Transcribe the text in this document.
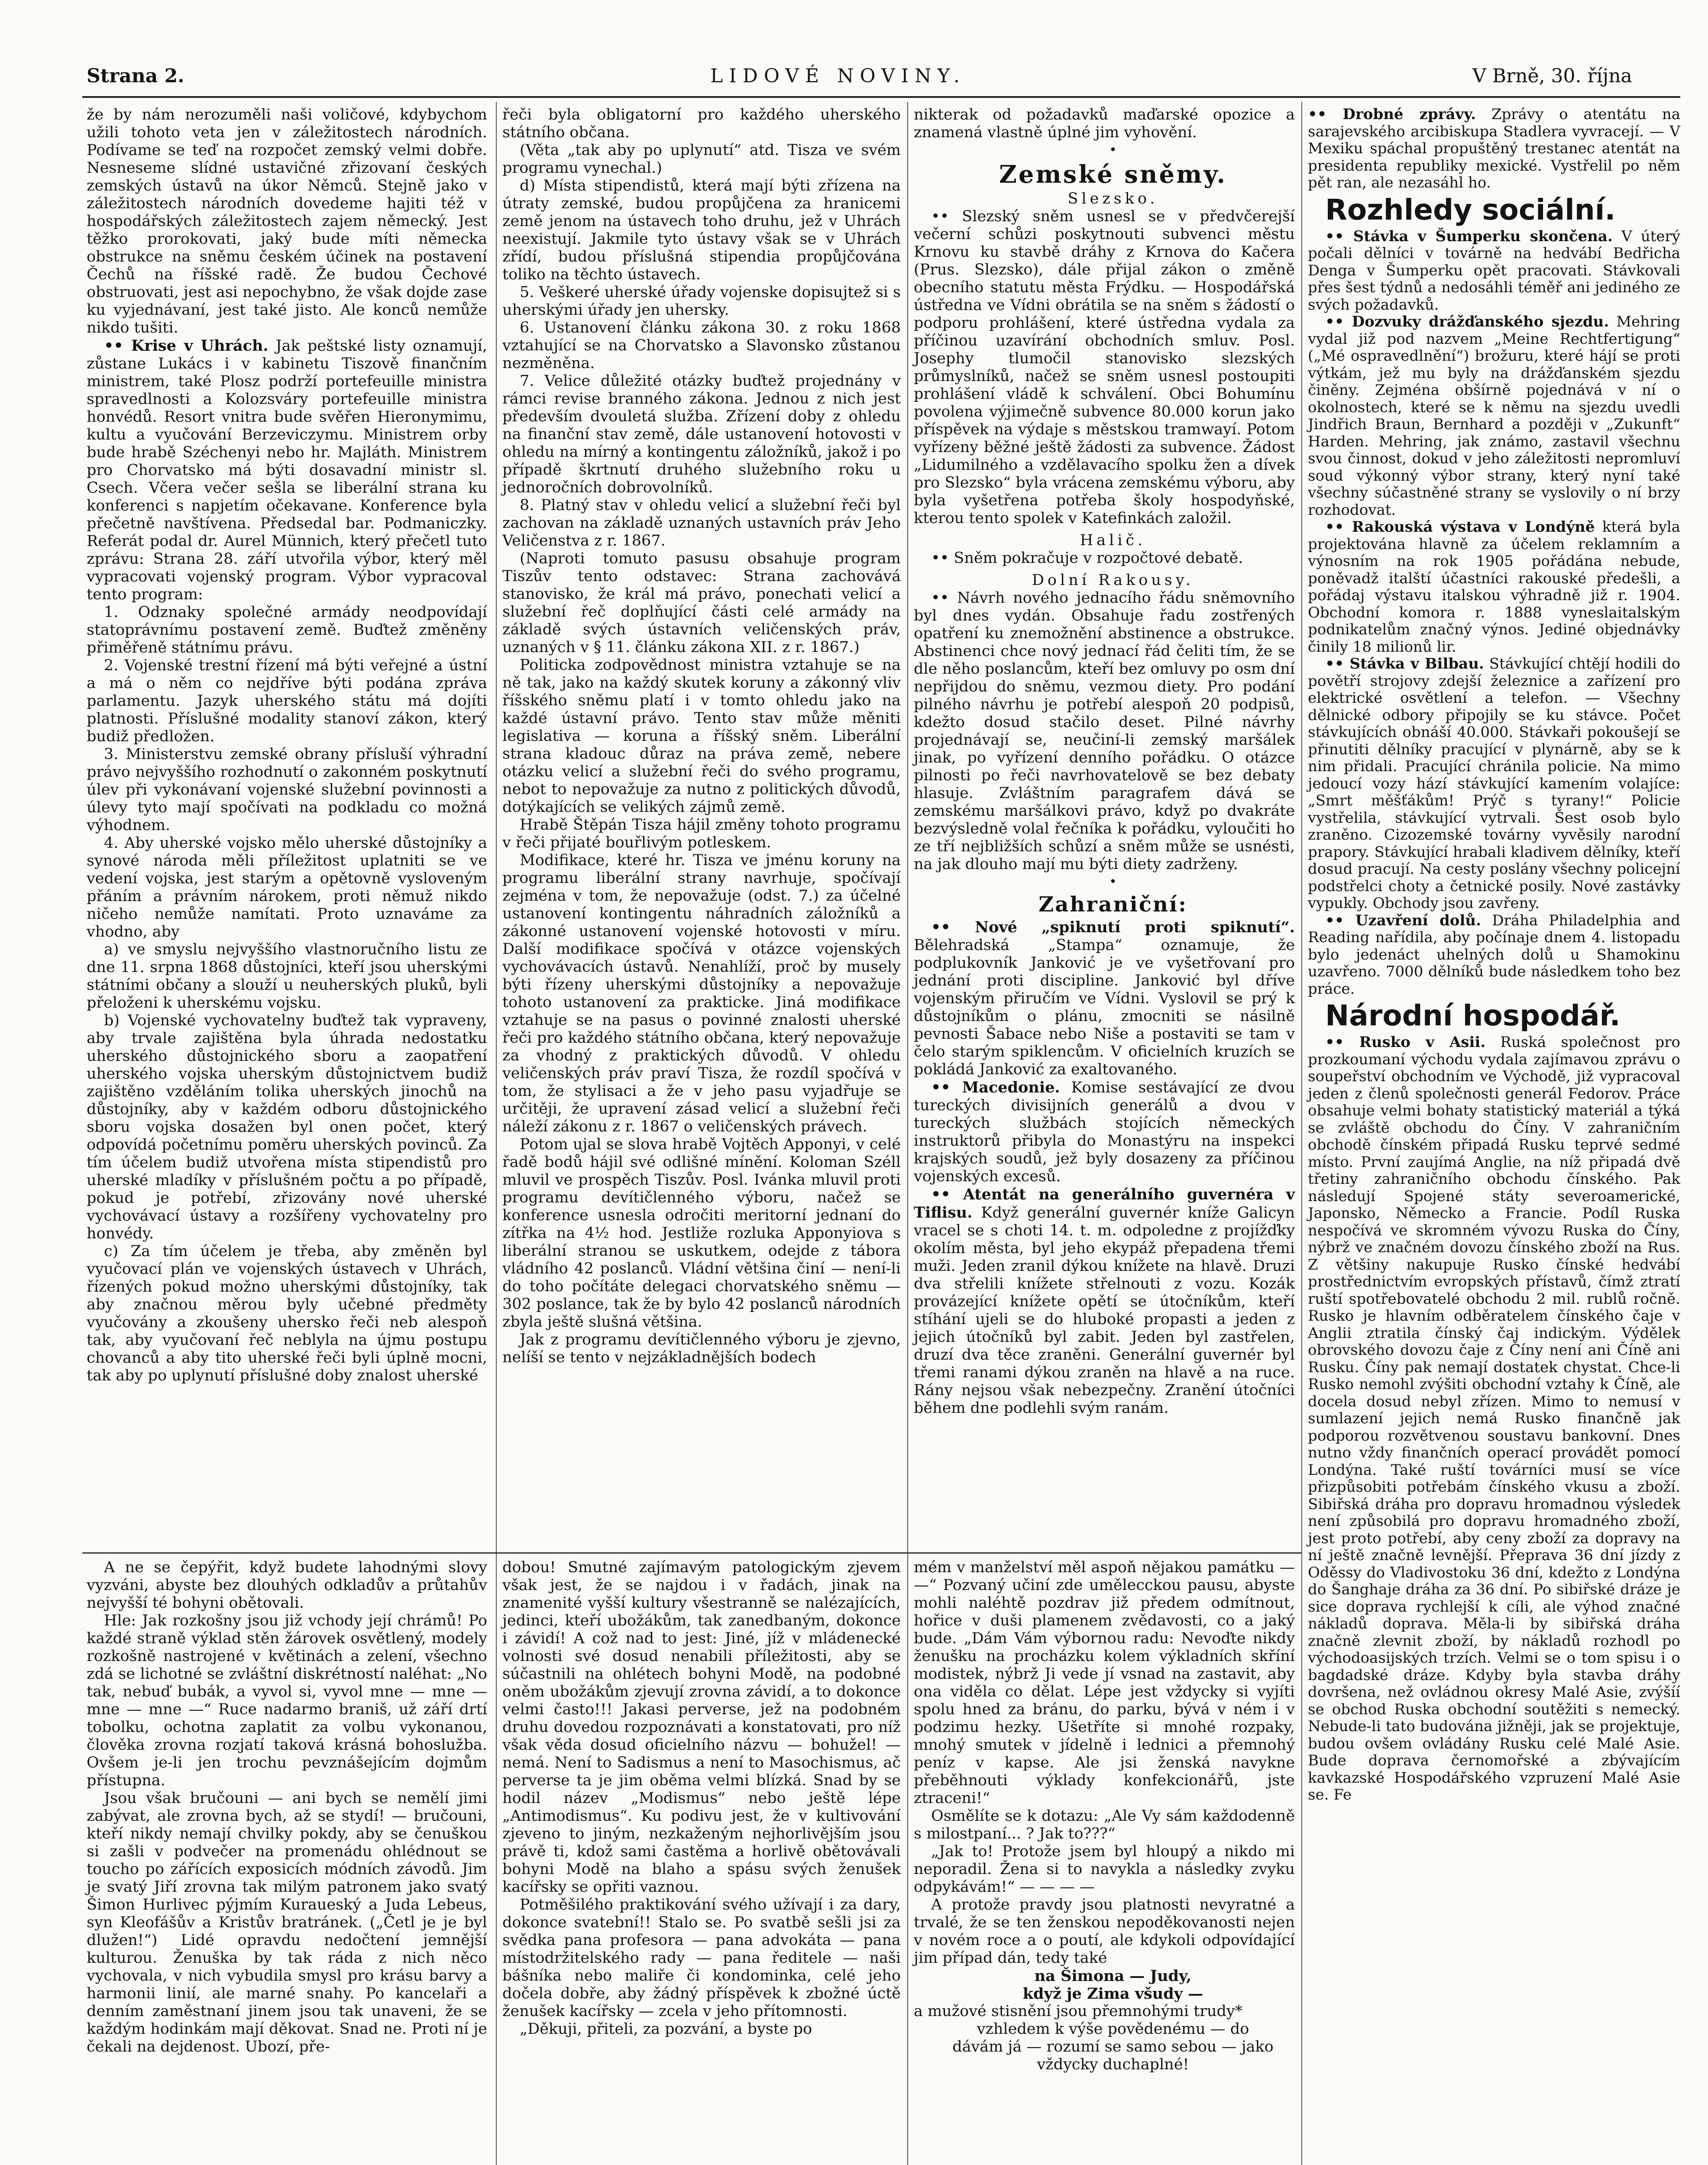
Strana 2.	LIDOVÉ NOVINY.	V Brně, 30. října

že by nám nerozuměli naši voličové, kdybychom užili tohoto veta jen v záležitostech národních. Podívame se teď na rozpočet zemský velmi dobře. Nesneseme slídné ustavičné zřizovaní českých zemských ústavů na úkor Němců. Stejně jako v záležitostech národních dovedeme hajiti též v hospodářských záležitostech zajem německý. Jest těžko prorokovati, jaký bude míti německa obstrukce na sněmu českém účinek na postavení Čechů na říšské radě. Že budou Čechové obstruovati, jest asi nepochybno, že však dojde zase ku vyjednávaní, jest také jisto. Ale konců nemůže nikdo tušiti.

•• Krise v Uhrách. Jak peštské listy oznamují, zůstane Lukács i v kabinetu Tiszově finančním ministrem, také Plosz podrží portefeuille ministra spravedlnosti a Kolozsváry portefeuille ministra honvédů. Resort vnitra bude svěřen Hieronymimu, kultu a vyučování Berzeviczymu. Ministrem orby bude hrabě Széchenyi nebo hr. Majláth. Ministrem pro Chorvatsko má býti dosavadní ministr sl. Csech. Včera večer sešla se liberální strana ku konferenci s napjetím očekavane. Konference byla přečetně navštívena. Předsedal bar. Podmaniczky. Referát podal dr. Aurel Münnich, který přečetl tuto zprávu: Strana 28. září utvořila výbor, který měl vypracovati vojenský program. Výbor vypracoval tento program:

1. Odznaky společné armády neodpovídají statoprávnímu postavení země. Buďtež změněny přiměřeně státnímu právu.

2. Vojenské trestní řízení má býti veřejné a ústní a má o něm co nejdříve býti podána zpráva parlamentu. Jazyk uherského státu má dojíti platnosti. Příslušné modality stanoví zákon, který budiž předložen.

3. Ministerstvu zemské obrany přísluší výhradní právo nejvyššího rozhodnutí o zakonném poskytnutí úlev při vykonávaní vojenské služební povinnosti a úlevy tyto mají spočívati na podkladu co možná výhodnem.

4. Aby uherské vojsko mělo uherské důstojníky a synové národa měli příležitost uplatniti se ve vedení vojska, jest starým a opětovně vysloveným přáním a právním nárokem, proti němuž nikdo ničeho nemůže namítati. Proto uznaváme za vhodno, aby

a) ve smyslu nejvyššího vlastnoručního listu ze dne 11. srpna 1868 důstojníci, kteří jsou uherskými státními občany a slouží u neuherských pluků, byli přeloženi k uherskému vojsku.

b) Vojenské vychovatelny buďtež tak vypraveny, aby trvale zajištěna byla úhrada nedostatku uherského důstojnického sboru a zaopatření uherského vojska uherským důstojnictvem budiž zajištěno vzděláním tolika uherských jinochů na důstojníky, aby v každém odboru důstojnického sboru vojska dosažen byl onen počet, který odpovídá početnímu poměru uherských povinců. Za tím účelem budiž utvořena místa stipendistů pro uherské mladíky v příslušném počtu a po případě, pokud je potřebí, zřizovány nové uherské vychovávací ústavy a rozšířeny vychovatelny pro honvédy.

c) Za tím účelem je třeba, aby změněn byl vyučovací plán ve vojenských ústavech v Uhrách, řízených pokud možno uherskými důstojníky, tak aby značnou měrou byly učebné předměty vyučovány a zkoušeny uhersko řeči neb alespoň tak, aby vyučovaní řeč neblyla na újmu postupu chovanců a aby tito uherské řeči byli úplně mocni, tak aby po uplynutí příslušné doby znalost uherské

řeči byla obligatorní pro každého uherského státního občana.

(Věta „tak aby po uplynutí“ atd. Tisza ve svém programu vynechal.)

d) Místa stipendistů, která mají býti zřízena na útraty zemské, budou propůjčena za hranicemi země jenom na ústavech toho druhu, jež v Uhrách neexistují. Jakmile tyto ústavy však se v Uhrách zřídí, budou příslušná stipendia propůjčována toliko na těchto ústavech.

5. Veškeré uherské úřady vojenske dopisujtež si s uherskými úřady jen uhersky.

6. Ustanovení článku zákona 30. z roku 1868 vztahující se na Chorvatsko a Slavonsko zůstanou nezměněna.

7. Velice důležité otázky buďtež projednány v rámci revise branného zákona. Jednou z nich jest především dvouletá služba. Zřízení doby z ohledu na finanční stav země, dále ustanovení hotovosti v ohledu na mírný a kontingentu záložníků, jakož i po případě škrtnutí druhého služebního roku u jednoročních dobrovolníků.

8. Platný stav v ohledu velicí a služební řeči byl zachovan na základě uznaných ustavních práv Jeho Veličenstva z r. 1867.

(Naproti tomuto pasusu obsahuje program Tiszův tento odstavec: Strana zachovává stanovisko, že král má právo, ponechati velicí a služební řeč doplňující části celé armády na základě svých ústavních veličenských práv, uznaných v § 11. článku zákona XII. z r. 1867.)

Politicka zodpovědnost ministra vztahuje se na ně tak, jako na každý skutek koruny a zákonný vliv říšského sněmu platí i v tomto ohledu jako na každé ústavní právo. Tento stav může měniti legislativa — koruna a říšský sněm. Liberální strana kladouc důraz na práva země, nebere otázku velicí a služební řeči do svého programu, nebot to nepovažuje za nutno z politických důvodů, dotýkajících se velikých zájmů země.

Hrabě Štěpán Tisza hájil změny tohoto programu v řeči přijaté bouřlivým potleskem.

Modifikace, které hr. Tisza ve jménu koruny na programu liberální strany navrhuje, spočívají zejména v tom, že nepovažuje (odst. 7.) za účelné ustanovení kontingentu náhradních záložníků a zákonné ustanovení vojenské hotovosti v míru. Další modifikace spočívá v otázce vojenských vychovávacích ústavů. Nenahlíží, proč by musely býti řízeny uherskými důstojníky a nepovažuje tohoto ustanovení za prakticke. Jiná modifikace vztahuje se na pasus o povinné znalosti uherské řeči pro každého státního občana, který nepovažuje za vhodný z praktických důvodů. V ohledu veličenských práv praví Tisza, že rozdíl spočívá v tom, že stylisaci a že v jeho pasu vyjadřuje se určitěji, že upravení zásad velicí a služební řeči náleží zákonu z r. 1867 o veličenských právech.

Potom ujal se slova hrabě Vojtěch Apponyi, v celé řadě bodů hájil své odlišné mínění. Koloman Széll mluvil ve prospěch Tiszův. Posl. Ivánka mluvil proti programu devítičlenného výboru, načež se konference usnesla odročiti meritorní jednaní do zítřka na 4½ hod. Jestliže rozluka Apponyiova s liberální stranou se uskutkem, odejde z tábora vládního 42 poslanců. Vládní většina činí — není-li do toho počítáte delegaci chorvatského sněmu — 302 poslance, tak že by bylo 42 poslanců národních zbyla ještě slušná většina.

Jak z programu devítičlenného výboru je zjevno, nelíší se tento v nejzákladnějších bodech

nikterak od požadavků maďarské opozice a znamená vlastně úplné jim vyhovění.

•

Zemské sněmy.

Slezsko.

•• Slezský sněm usnesl se v předvčerejší večerní schůzi poskytnouti subvenci městu Krnovu ku stavbě dráhy z Krnova do Kačera (Prus. Slezsko), dále přijal zákon o změně obecního statutu města Frýdku. — Hospodářská ústředna ve Vídni obrátila se na sněm s žádostí o podporu prohlášení, které ústředna vydala za příčinou uzavírání obchodních smluv. Posl. Josephy tlumočil stanovisko slezských průmyslníků, načež se sněm usnesl postoupiti prohlášení vládě k schválení. Obci Bohumínu povolena výjimečně subvence 80.000 korun jako příspěvek na výdaje s městskou tramwayí. Potom vyřízeny běžné ještě žádosti za subvence. Žádost „Lidumilného a vzdělavacího spolku žen a dívek pro Slezsko“ byla vrácena zemskému výboru, aby byla vyšetřena potřeba školy hospodyňské, kterou tento spolek v Katefinkách založil.

Halič.

•• Sněm pokračuje v rozpočtové debatě.

Dolní Rakousy.

•• Návrh nového jednacího řádu sněmovního byl dnes vydán. Obsahuje řadu zostřených opatření ku znemožnění abstinence a obstrukce. Abstinenci chce nový jednací řád čeliti tím, že se dle něho poslancům, kteří bez omluvy po osm dní nepřijdou do sněmu, vezmou diety. Pro podání pilného návrhu je potřebí alespoň 20 podpisů, kdežto dosud stačilo deset. Pilné návrhy projednávají se, neučiní-li zemský maršálek jinak, po vyřízení denního pořádku. O otázce pilnosti po řeči navrhovatelově se bez debaty hlasuje. Zvláštním paragrafem dává se zemskému maršálkovi právo, když po dvakráte bezvýsledně volal řečníka k pořádku, vyloučiti ho ze tří nejbližších schůzí a sněm může se usnésti, na jak dlouho mají mu býti diety zadrženy.

•

Zahraniční:

•• Nové „spiknutí proti spiknutí“. Bělehradská „Stampa“ oznamuje, že podplukovník Janković je ve vyšetřovaní pro jednání proti discipline. Janković byl dříve vojenským přiručím ve Vídni. Vyslovil se prý k důstojníkům o plánu, zmocniti se násilně pevnosti Šabace nebo Niše a postaviti se tam v čelo starým spiklencům. V oficielních kruzích se pokládá Janković za exaltovaného.

•• Macedonie. Komise sestávající ze dvou tureckých divisijních generálů a dvou v tureckých službách stojících německých instruktorů přibyla do Monastýru na inspekci krajských soudů, jež byly dosazeny za příčinou vojenských excesů.

•• Atentát na generálního guvernéra v Tiflisu. Když generální guvernér kníže Galicyn vracel se s choti 14. t. m. odpoledne z projížďky okolím města, byl jeho ekypáž přepadena třemi muži. Jeden zranil dýkou knížete na hlavě. Druzi dva střelili knížete střelnouti z vozu. Kozák provázející knížete opětí se útočníkům, kteří stíhání ujeli se do hluboké propasti a jeden z jejich útočníků byl zabit. Jeden byl zastřelen, druzí dva těce zraněni. Generální guvernér byl třemi ranami dýkou zraněn na hlavě a na ruce. Rány nejsou však nebezpečny. Zranění útočníci během dne podlehli svým ranám.

•• Drobné zprávy. Zprávy o atentátu na sarajevského arcibiskupa Stadlera vyvracejí. — V Mexiku spáchal propuštěný trestanec atentát na presidenta republiky mexické. Vystřelil po něm pět ran, ale nezasáhl ho.

Rozhledy sociální.

•• Stávka v Šumperku skončena. V úterý počali dělníci v továrně na hedvábí Bedřicha Denga v Šumperku opět pracovati. Stávkovali přes šest týdnů a nedosáhli téměř ani jediného ze svých požadavků.

•• Dozvuky drážďanského sjezdu. Mehring vydal již pod nazvem „Meine Rechtfertigung“ („Mé ospravedlnění“) brožuru, které hájí se proti výtkám, jež mu byly na drážďanském sjezdu činěny. Zejména obšírně pojednává v ní o okolnostech, které se k němu na sjezdu uvedli Jindřich Braun, Bernhard a později v „Zukunft“ Harden. Mehring, jak známo, zastavil všechnu svou činnost, dokud v jeho záležitosti nepromluví soud výkonný výbor strany, který nyní také všechny súčastněné strany se vyslovily o ní brzy rozhodovat.

•• Rakouská výstava v Londýně která byla projektována hlavně za účelem reklamním a výnosním na rok 1905 pořádána nebude, poněvadž italští účastníci rakouské předešli, a pořádaj výstavu italskou výhradně již r. 1904. Obchodní komora r. 1888 vyneslaitalským podnikatelům značný výnos. Jediné objednávky činily 18 milionů lir.

•• Stávka v Bilbau. Stávkující chtějí hodili do povětří strojovy zdejší železnice a zařízení pro elektrické osvětlení a telefon. — Všechny dělnické odbory připojily se ku stávce. Počet stávkujících obnáší 40.000. Stávkaři pokoušejí se přinutiti dělníky pracující v plynárně, aby se k nim přidali. Pracující chránila policie. Na mimo jedoucí vozy hází stávkující kamením volajíce: „Smrt měšťákům! Prýč s tyrany!“ Policie vystřelila, stávkující vytrvali. Šest osob bylo zraněno. Cizozemské továrny vyvěsily narodní prapory. Stávkující hrabali kladivem dělníky, kteří dosud pracují. Na cesty poslány všechny policejní podstřelci choty a četnické posily. Nové zastávky vypukly. Obchody jsou zavřeny.

•• Uzavření dolů. Dráha Philadelphia and Reading nařídila, aby počínaje dnem 4. listopadu bylo jedenáct uhelných dolů u Shamokinu uzavřeno. 7000 dělníků bude následkem toho bez práce.

Národní hospodář.

•• Rusko v Asii. Ruská společnost pro prozkoumaní východu vydala zajímavou zprávu o soupeřství obchodním ve Východě, již vypracoval jeden z členů společnosti generál Fedorov. Práce obsahuje velmi bohaty statistický materiál a týká se zvláště obchodu do Číny. V zahraničním obchodě čínském připadá Rusku teprvé sedmé místo. První zaujímá Anglie, na níž připadá dvě třetiny zahraničního obchodu čínského. Pak následují Spojené státy severoamerické, Japonsko, Německo a Francie. Podíl Ruska nespočívá ve skromném vývozu Ruska do Číny, nýbrž ve značném dovozu čínského zboží na Rus. Z většiny nakupuje Rusko čínské hedvábí prostřednictvím evropských přístavů, čímž ztratí ruští spotřebovatelé obchodu 2 mil. rublů ročně. Rusko je hlavním odběratelem čínského čaje v Anglii ztratila čínský čaj indickým. Výdělek obrovského dovozu čaje z Číny není ani Číně ani Rusku. Číny pak nemají dostatek chystat. Chce-li Rusko nemohl zvýšiti obchodní vztahy k Číně, ale docela dosud nebyl zřízen. Mimo to nemusí v sumlazení jejich nemá Rusko finančně jak podporou rozvětvenou soustavu bankovní. Dnes nutno vždy finančních operací provádět pomocí Londýna. Také ruští továrníci musí se více přizpůsobiti potřebám čínského vkusu a zboží. Sibiřská dráha pro dopravu hromadnou výsledek není způsobilá pro dopravu hromadného zboží, jest proto potřebí, aby ceny zboží za dopravy na ní ještě značně levnější. Přeprava 36 dní jízdy z Oděssy do Vladivostoku 36 dní, kdežto z Londýna do Šanghaje dráha za 36 dní. Po sibiřské dráze je sice doprava rychlejší k cíli, ale výhod značné nákladů doprava. Měla-li by sibiřská dráha značně zlevnit zboží, by nákladů rozhodl po východoasijských trzích. Velmi se o tom spisu i o bagdadské dráze. Kdyby byla stavba dráhy dovršena, než ovládnou okresy Malé Asie, zvýšíí se obchod Ruska obchodní soutěžiti s nemecký. Nebude-li tato budována jižněji, jak se projektuje, budou ovšem ovládány Rusku celé Malé Asie. Bude doprava černomořské a zbývajícím kavkazské Hospodářského vzpruzení Malé Asie se. Fe

A ne se čepýřit, když budete lahodnými slovy vyzváni, abyste bez dlouhých odkladův a průtahův nejvyšší té bohyni obětovali.

Hle: Jak rozkošny jsou již vchody její chrámů! Po každé straně výklad stěn žárovek osvětlený, modely rozkošně nastrojené v květinách a zelení, všechno zdá se lichotné se zvláštní diskrétností naléhat: „No tak, nebuď bubák, a vyvol si, vyvol mne — mne — mne — mne —“ Ruce nadarmo braniš, už září drtí tobolku, ochotna zaplatit za volbu vykonanou, člověka zrovna rozjatí taková krásná bohoslužba. Ovšem je-li jen trochu pevznášejícím dojmům přístupna.

Jsou však bručouni — ani bych se nemělí jimi zabývat, ale zrovna bych, až se stydí! — bručouni, kteří nikdy nemají chvilky pokdy, aby se čenuškou si zašli v podvečer na promenádu ohlédnout se toucho po zářících exposicích módních závodů. Jim je svatý Jiří zrovna tak milým patronem jako svatý Šimon Hurlivec pýjmím Kuraueský a Juda Lebeus, syn Kleofášův a Kristův bratránek. („Četl je je byl dlužen!“) Lidé opravdu nedočtení jemnější kulturou. Ženuška by tak ráda z nich něco vychovala, v nich vybudila smysl pro krásu barvy a harmonii linií, ale marné snahy. Po kancelaři a denním zaměstnaní jinem jsou tak unaveni, že se každým hodinkám mají děkovat. Snad ne. Proti ní je čekali na dejdenost. Ubozí, pře-

dobou! Smutné zajímavým patologickým zjevem však jest, že se najdou i v řadách, jinak na znamenité vyšší kultury všestranně se nalézajících, jedinci, kteří ubožákům, tak zanedbaným, dokonce i závidí! A což nad to jest: Jiné, jíž v mládenecké volnosti své dosud nenabili příležitosti, aby se súčastnili na ohlétech bohyni Modě, na podobné oněm ubožákům zjevují zrovna závidí, a to dokonce velmi často!!! Jakasi perverse, jež na podobném druhu dovedou rozpoznávati a konstatovati, pro níž však věda dosud oficielního názvu — bohužel! — nemá. Není to Sadismus a není to Masochismus, ač perverse ta je jim oběma velmi blízká. Snad by se hodil název „Modismus“ nebo ještě lépe „Antimodismus“. Ku podivu jest, že v kultivování zjeveno to jiným, nezkaženým nejhorlivějším jsou právě ti, kdož sami častěma a horlivě obětovávali bohyni Modě na blaho a spásu svých ženušek kacířsky se opřiti vaznou.

Potměšilého praktikování svého užívají i za dary, dokonce svatební!! Stalo se. Po svatbě sešli jsi za svědka pana profesora — pana advokáta — pana místodržitelského rady — pana ředitele — naši bášníka nebo maliře či kondominka, celé jeho dočela dobře, aby žádný příspěvek k zbožné úctě ženušek kacířsky — zcela v jeho přítomnosti.

„Děkuji, přiteli, za pozvání, a byste po

mém v manželství měl aspoň nějakou památku — —“ Pozvaný učiní zde umělecckou pausu, abyste mohli naléhtě pozdrav již předem odmítnout, hořice v duši plamenem zvědavosti, co a jaký bude. „Dám Vám výbornou radu: Nevoďte nikdy ženušku na procházku kolem výkladních skříní modistek, nýbrž Ji vede jí vsnad na zastavit, aby ona viděla co dělat. Lépe jest vždycky si vyjíti spolu hned za bránu, do parku, bývá v ném i v podzimu hezky. Ušetříte si mnohé rozpaky, mnohý smutek v jídelně i lednici a přemnohý peníz v kapse. Ale jsi ženská navykne přeběhnouti výklady konfekcionářů, jste ztraceni!“

Osmělíte se k dotazu: „Ale Vy sám každodenně s milostpaní... ? Jak to???“

„Jak to! Protože jsem byl hloupý a nikdo mi neporadil. Žena si to navykla a následky zvyku odpykávám!“ — — — —

A protože pravdy jsou platnosti nevyratné a trvalé, že se ten ženskou nepoděkovanosti nejen v novém roce a o poutí, ale kdykoli odpovídající jim případ dán, tedy také

na Šimona — Judy,

když je Zima všudy —

a mužové stisnění jsou přemnohými trudy*

vzhledem k výše povědenému — do

dávám já — rozumí se samo sebou — jako

vždycky duchaplné!
